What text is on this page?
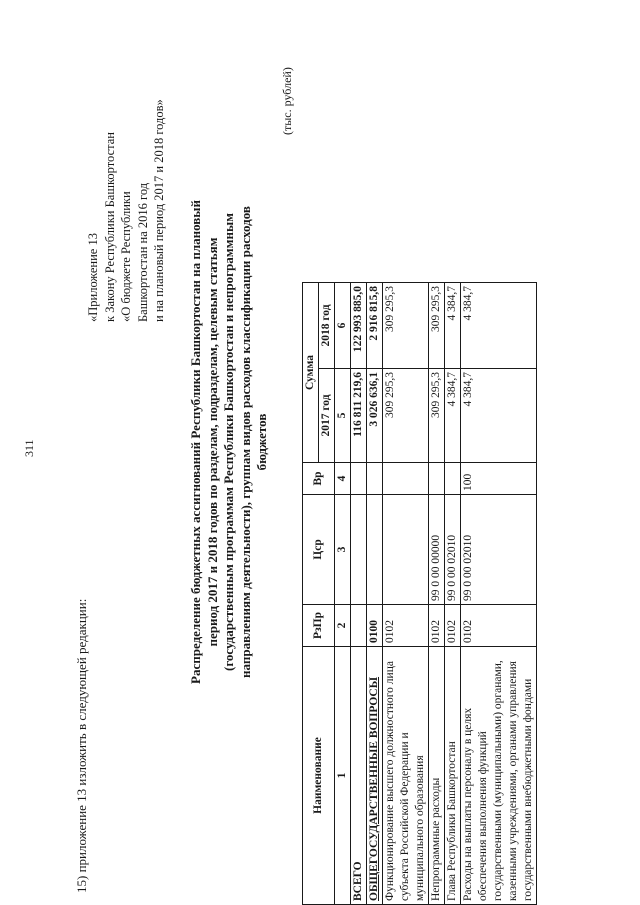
311
15) приложение 13 изложить в следующей редакции:
«Приложение 13 к Закону Республики Башкортостан «О бюджете Республики Башкортостан на 2016 год и на плановый период 2017 и 2018 годов» Распределение бюджетных ассигнований Республики Башкортостан на плановый период 2017 и 2018 годов по разделам, подразделам, целевым статьям (государственным программам Республики Башкортостан и непрограммным направлениям деятельности), группам видов расходов классификации расходов бюджетов
(тыс. рублей)
Наименование	РзПр	Цср	Вр	Сумма	
				2017 год	2018 год
1	2	3	4	5	6
ВСЕГО				116 811 219,6	122 993 885,0
ОБЩЕГОСУДАРСТВЕННЫЕ ВОПРОСЫ	0100			3 026 636,1	2 916 815,8
Функционирование высшего должностного лица субъекта Российской Федерации и муниципального образования	0102			309 295,3	309 295,3
Непрограммные расходы	0102	99 0 00 00000		309 295,3	309 295,3
Глава Республики Башкортостан	0102	99 0 00 02010		4 384,7	4 384,7
Расходы на выплаты персоналу в целях обеспечения выполнения функций государственными (муниципальными) органами, казенными учреждениями, органами управления государственными внебюджетными фондами	0102	99 0 00 02010	100	4 384,7	4 384,7
